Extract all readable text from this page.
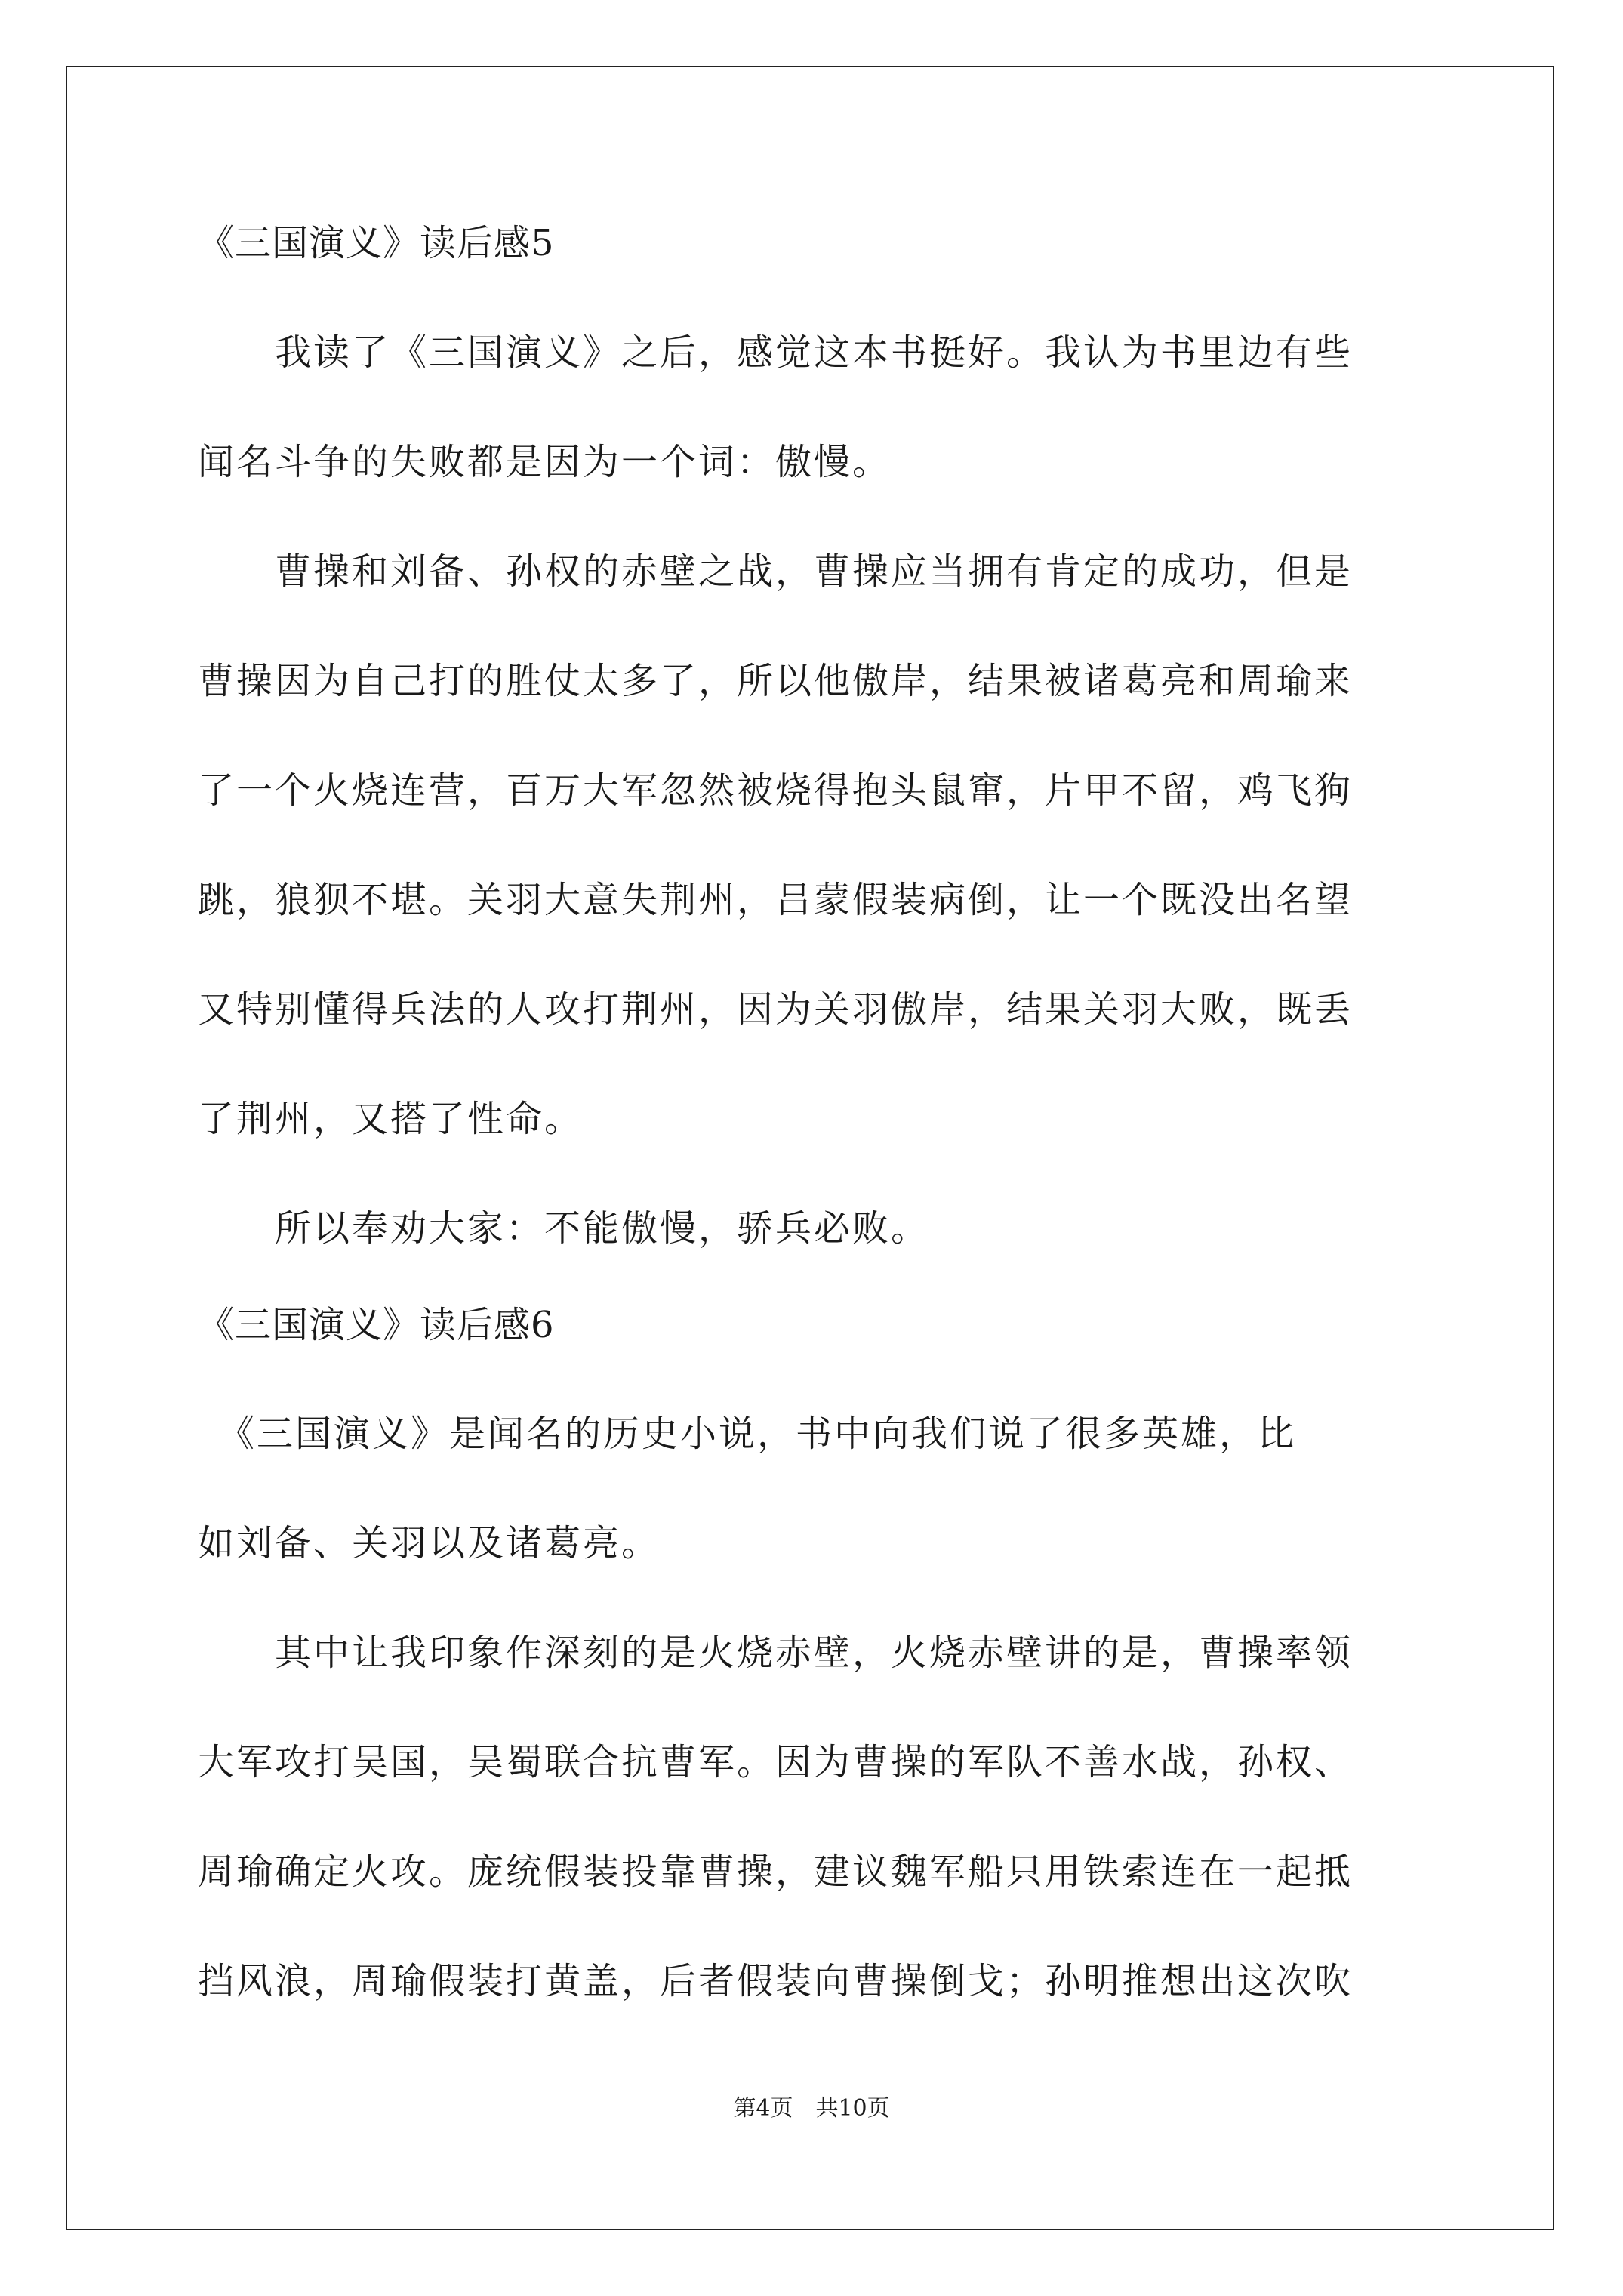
《三国演义》读后感5
　　我读了《三国演义》之后，感觉这本书挺好。我认为书里边有些
闻名斗争的失败都是因为一个词：傲慢。
　　曹操和刘备、孙权的赤壁之战，曹操应当拥有肯定的成功，但是
曹操因为自己打的胜仗太多了，所以他傲岸，结果被诸葛亮和周瑜来
了一个火烧连营，百万大军忽然被烧得抱头鼠窜，片甲不留，鸡飞狗
跳，狼狈不堪。关羽大意失荆州，吕蒙假装病倒，让一个既没出名望
又特别懂得兵法的人攻打荆州，因为关羽傲岸，结果关羽大败，既丢
了荆州，又搭了性命。
　　所以奉劝大家：不能傲慢，骄兵必败。
《三国演义》读后感6
　《三国演义》是闻名的历史小说，书中向我们说了很多英雄，比
如刘备、关羽以及诸葛亮。
　　其中让我印象作深刻的是火烧赤壁，火烧赤壁讲的是，曹操率领
大军攻打吴国，吴蜀联合抗曹军。因为曹操的军队不善水战，孙权、
周瑜确定火攻。庞统假装投靠曹操，建议魏军船只用铁索连在一起抵
挡风浪，周瑜假装打黄盖，后者假装向曹操倒戈；孙明推想出这次吹
第4页　共10页
